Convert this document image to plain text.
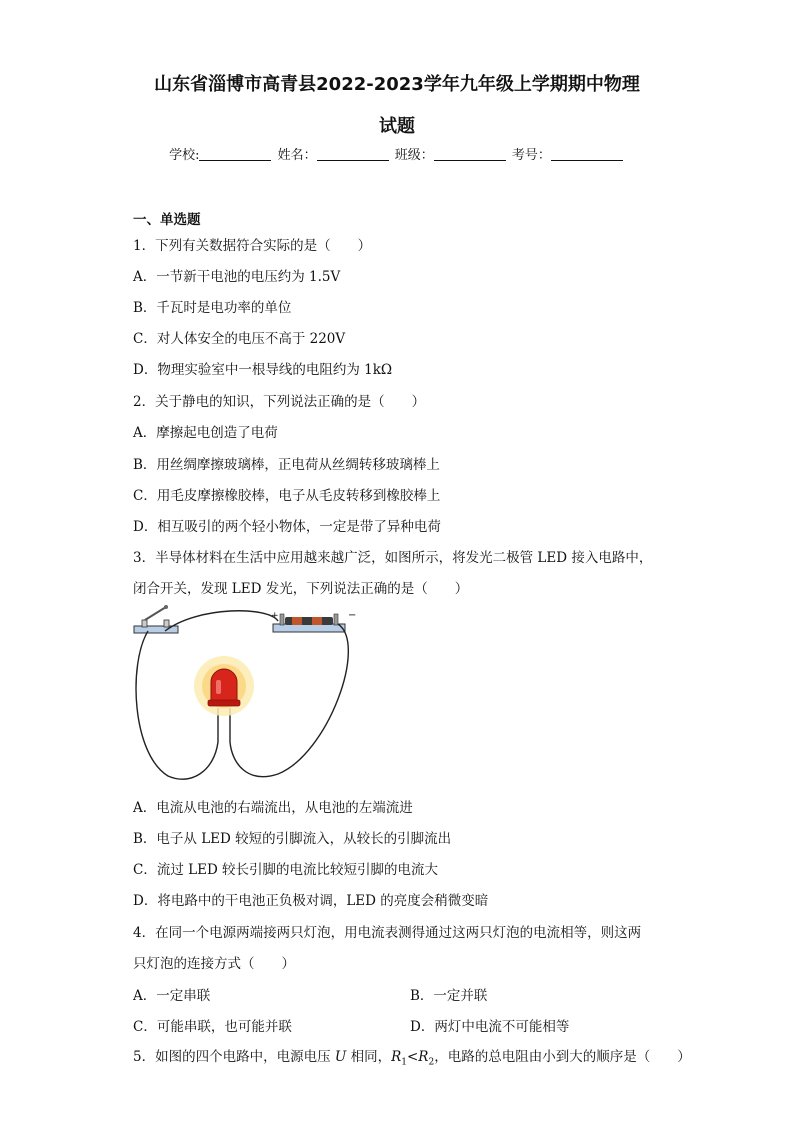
山东省淄博市高青县2022-2023学年九年级上学期期中物理
试题
学校:	姓名：	班级：	考号：
一、单选题
1．下列有关数据符合实际的是（　　）
A．一节新干电池的电压约为 1.5V
B．千瓦时是电功率的单位
C．对人体安全的电压不高于 220V
D．物理实验室中一根导线的电阻约为 1kΩ
2．关于静电的知识，下列说法正确的是（　　）
A．摩擦起电创造了电荷
B．用丝绸摩擦玻璃棒，正电荷从丝绸转移玻璃棒上
C．用毛皮摩擦橡胶棒，电子从毛皮转移到橡胶棒上
D．相互吸引的两个轻小物体，一定是带了异种电荷
3．半导体材料在生活中应用越来越广泛，如图所示，将发光二极管 LED 接入电路中，
闭合开关，发现 LED 发光，下列说法正确的是（　　）
+	−
A．电流从电池的右端流出，从电池的左端流进
B．电子从 LED 较短的引脚流入，从较长的引脚流出
C．流过 LED 较长引脚的电流比较短引脚的电流大
D．将电路中的干电池正负极对调，LED 的亮度会稍微变暗
4．在同一个电源两端接两只灯泡，用电流表测得通过这两只灯泡的电流相等，则这两
只灯泡的连接方式（　　）
A．一定串联	B．一定并联
C．可能串联，也可能并联	D．两灯中电流不可能相等
5．如图的四个电路中，电源电压 U 相同，$R_1<R_2$，电路的总电阻由小到大的顺序是（　　）
